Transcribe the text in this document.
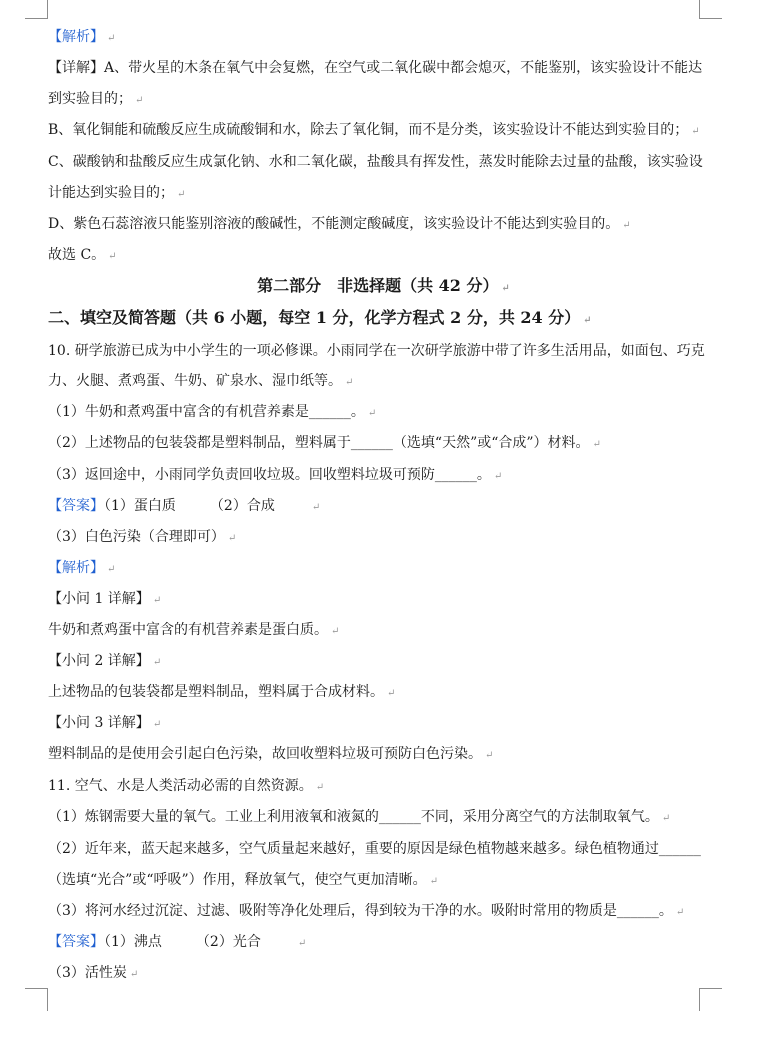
【解析】 ↵
【详解】A、带火星的木条在氧气中会复燃，在空气或二氧化碳中都会熄灭，不能鉴别，该实验设计不能达
到实验目的； ↵
B、氧化铜能和硫酸反应生成硫酸铜和水，除去了氧化铜，而不是分类，该实验设计不能达到实验目的； ↵
C、碳酸钠和盐酸反应生成氯化钠、水和二氧化碳，盐酸具有挥发性，蒸发时能除去过量的盐酸，该实验设
计能达到实验目的； ↵
D、紫色石蕊溶液只能鉴别溶液的酸碱性，不能测定酸碱度，该实验设计不能达到实验目的。 ↵
故选 C。 ↵
第二部分　非选择题（共 42 分） ↵
二、填空及简答题（共 6 小题，每空 1 分，化学方程式 2 分，共 24 分） ↵
10. 研学旅游已成为中小学生的一项必修课。小雨同学在一次研学旅游中带了许多生活用品，如面包、巧克
力、火腿、煮鸡蛋、牛奶、矿泉水、湿巾纸等。 ↵
（1）牛奶和煮鸡蛋中富含的有机营养素是______。 ↵
（2）上述物品的包装袋都是塑料制品，塑料属于______（选填“天然”或“合成”）材料。 ↵
（3）返回途中，小雨同学负责回收垃圾。回收塑料垃圾可预防______。 ↵
【答案】（1）蛋白质 （2）合成	↵
（3）白色污染（合理即可） ↵
【解析】 ↵
【小问 1 详解】 ↵
牛奶和煮鸡蛋中富含的有机营养素是蛋白质。 ↵
【小问 2 详解】 ↵
上述物品的包装袋都是塑料制品，塑料属于合成材料。 ↵
【小问 3 详解】 ↵
塑料制品的是使用会引起白色污染，故回收塑料垃圾可预防白色污染。 ↵
11. 空气、水是人类活动必需的自然资源。 ↵
（1）炼钢需要大量的氧气。工业上利用液氧和液氮的______不同，采用分离空气的方法制取氧气。 ↵
（2）近年来，蓝天起来越多，空气质量起来越好，重要的原因是绿色植物越来越多。绿色植物通过______
（选填“光合”或“呼吸”）作用，释放氧气，使空气更加清晰。 ↵
（3）将河水经过沉淀、过滤、吸附等净化处理后，得到较为干净的水。吸附时常用的物质是______。 ↵
【答案】（1）沸点 （2）光合	↵
（3）活性炭 ↵
